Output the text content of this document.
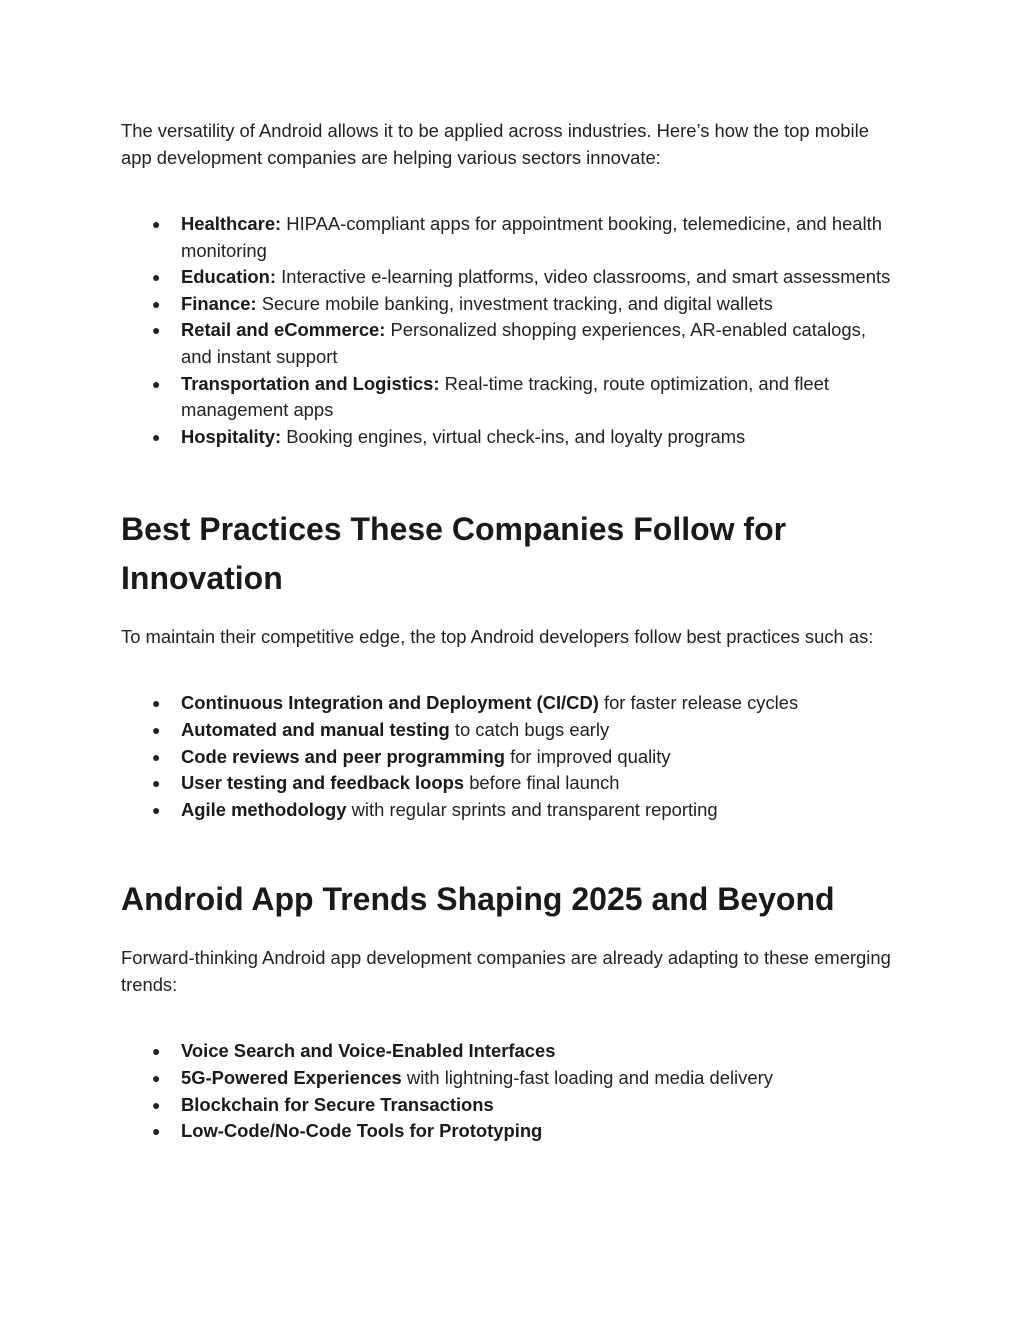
The versatility of Android allows it to be applied across industries. Here’s how the top mobile app development companies are helping various sectors innovate:

● Healthcare: HIPAA-compliant apps for appointment booking, telemedicine, and health monitoring
● Education: Interactive e-learning platforms, video classrooms, and smart assessments
● Finance: Secure mobile banking, investment tracking, and digital wallets
● Retail and eCommerce: Personalized shopping experiences, AR-enabled catalogs, and instant support
● Transportation and Logistics: Real-time tracking, route optimization, and fleet management apps
● Hospitality: Booking engines, virtual check-ins, and loyalty programs
Best Practices These Companies Follow for Innovation

To maintain their competitive edge, the top Android developers follow best practices such as:

● Continuous Integration and Deployment (CI/CD) for faster release cycles
● Automated and manual testing to catch bugs early
● Code reviews and peer programming for improved quality
● User testing and feedback loops before final launch
● Agile methodology with regular sprints and transparent reporting
Android App Trends Shaping 2025 and Beyond

Forward-thinking Android app development companies are already adapting to these emerging trends:

● Voice Search and Voice-Enabled Interfaces
● 5G-Powered Experiences with lightning-fast loading and media delivery
● Blockchain for Secure Transactions
● Low-Code/No-Code Tools for Prototyping
